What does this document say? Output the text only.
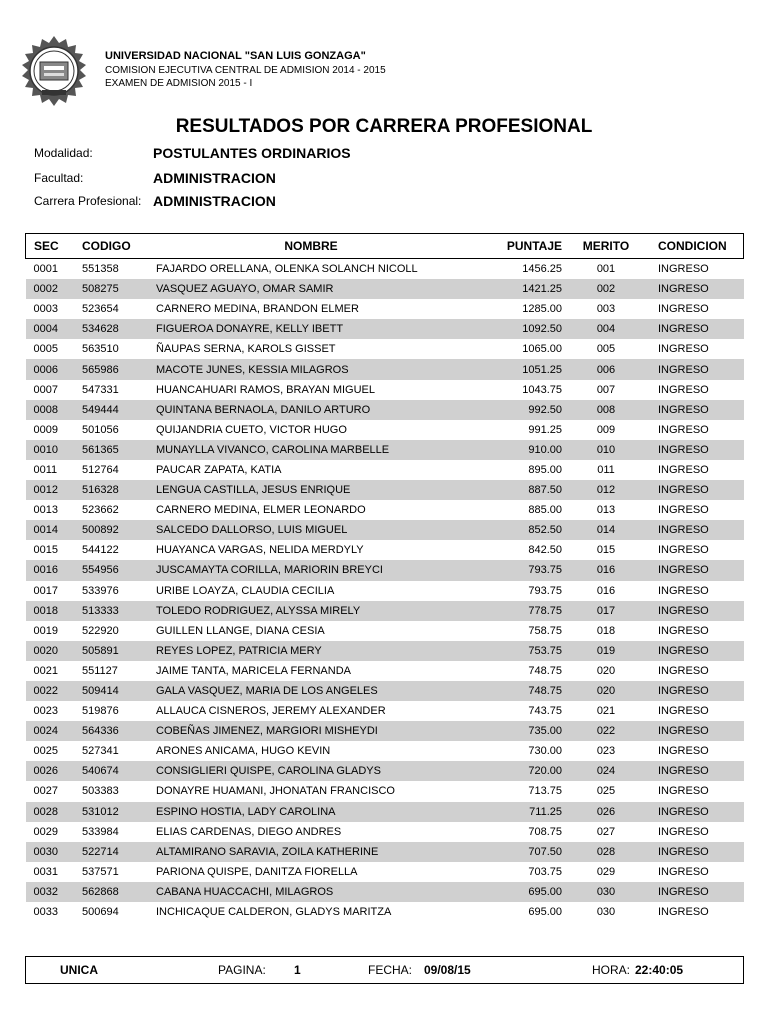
UNIVERSIDAD NACIONAL "SAN LUIS GONZAGA"
COMISION EJECUTIVA CENTRAL DE ADMISION 2014 - 2015
EXAMEN DE ADMISION 2015 - I
RESULTADOS POR CARRERA PROFESIONAL
Modalidad:	POSTULANTES ORDINARIOS
Facultad:	ADMINISTRACION
Carrera Profesional: ADMINISTRACION
SEC	CODIGO	NOMBRE	PUNTAJE	MERITO	CONDICION
0001	551358	FAJARDO ORELLANA, OLENKA SOLANCH NICOLL	1456.25	001	INGRESO
0002	508275	VASQUEZ AGUAYO, OMAR SAMIR	1421.25	002	INGRESO
0003	523654	CARNERO MEDINA, BRANDON ELMER	1285.00	003	INGRESO
0004	534628	FIGUEROA DONAYRE, KELLY IBETT	1092.50	004	INGRESO
0005	563510	ÑAUPAS SERNA, KAROLS GISSET	1065.00	005	INGRESO
0006	565986	MACOTE JUNES, KESSIA MILAGROS	1051.25	006	INGRESO
0007	547331	HUANCAHUARI RAMOS, BRAYAN MIGUEL	1043.75	007	INGRESO
0008	549444	QUINTANA BERNAOLA, DANILO ARTURO	992.50	008	INGRESO
0009	501056	QUIJANDRIA CUETO, VICTOR HUGO	991.25	009	INGRESO
0010	561365	MUNAYLLA VIVANCO, CAROLINA MARBELLE	910.00	010	INGRESO
0011	512764	PAUCAR ZAPATA, KATIA	895.00	011	INGRESO
0012	516328	LENGUA CASTILLA, JESUS ENRIQUE	887.50	012	INGRESO
0013	523662	CARNERO MEDINA, ELMER LEONARDO	885.00	013	INGRESO
0014	500892	SALCEDO DALLORSO, LUIS MIGUEL	852.50	014	INGRESO
0015	544122	HUAYANCA VARGAS, NELIDA MERDYLY	842.50	015	INGRESO
0016	554956	JUSCAMAYTA CORILLA, MARIORIN BREYCI	793.75	016	INGRESO
0017	533976	URIBE LOAYZA, CLAUDIA CECILIA	793.75	016	INGRESO
0018	513333	TOLEDO RODRIGUEZ, ALYSSA MIRELY	778.75	017	INGRESO
0019	522920	GUILLEN LLANGE, DIANA CESIA	758.75	018	INGRESO
0020	505891	REYES LOPEZ, PATRICIA MERY	753.75	019	INGRESO
0021	551127	JAIME TANTA, MARICELA FERNANDA	748.75	020	INGRESO
0022	509414	GALA VASQUEZ, MARIA DE LOS ANGELES	748.75	020	INGRESO
0023	519876	ALLAUCA CISNEROS, JEREMY ALEXANDER	743.75	021	INGRESO
0024	564336	COBEÑAS JIMENEZ, MARGIORI MISHEYDI	735.00	022	INGRESO
0025	527341	ARONES ANICAMA, HUGO KEVIN	730.00	023	INGRESO
0026	540674	CONSIGLIERI QUISPE, CAROLINA GLADYS	720.00	024	INGRESO
0027	503383	DONAYRE HUAMANI, JHONATAN FRANCISCO	713.75	025	INGRESO
0028	531012	ESPINO HOSTIA, LADY CAROLINA	711.25	026	INGRESO
0029	533984	ELIAS CARDENAS, DIEGO ANDRES	708.75	027	INGRESO
0030	522714	ALTAMIRANO SARAVIA, ZOILA KATHERINE	707.50	028	INGRESO
0031	537571	PARIONA QUISPE, DANITZA FIORELLA	703.75	029	INGRESO
0032	562868	CABANA HUACCACHI, MILAGROS	695.00	030	INGRESO
0033	500694	INCHICAQUE CALDERON, GLADYS MARITZA	695.00	030	INGRESO
UNICA	PAGINA: 1	FECHA: 09/08/15	HORA: 22:40:05
